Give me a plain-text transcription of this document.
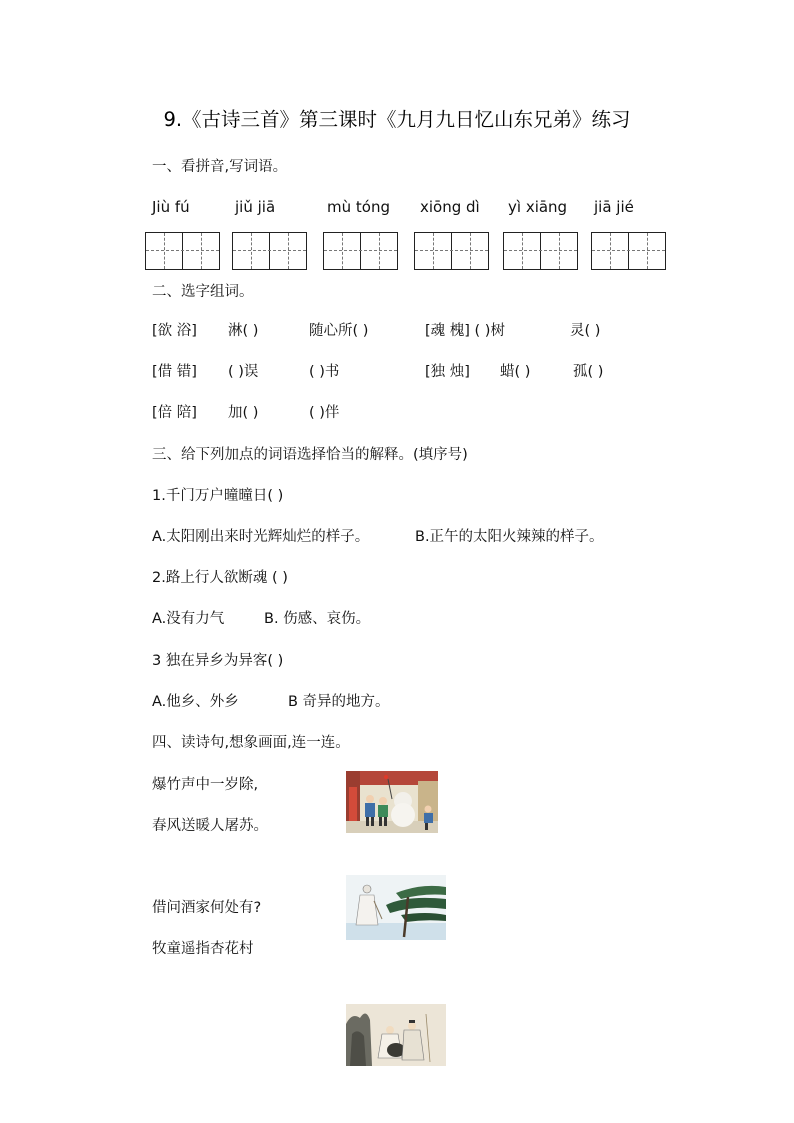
9.《古诗三首》第三课时《九月九日忆山东兄弟》练习
一、看拼音,写词语。
Jiù fú	jiǔ jiā	mù tóng xiōng dì yì xiāng jiā jié
二、选字组词。
[欲 浴] 淋( )	随心所( )	[魂 槐] ( )树	灵( )
[借 错] ( )误	( )书	[独 烛] 蜡( )	孤( )
[倍 陪] 加( )	( )伴
三、给下列加点的词语选择恰当的解释。(填序号)
1.千门万户曈曈日( )
A.太阳刚出来时光辉灿烂的样子。	B.正午的太阳火辣辣的样子。
2.路上行人欲断魂 ( )
A.没有力气	B. 伤感、哀伤。
3 独在异乡为异客( )
A.他乡、外乡	B 奇异的地方。
四、读诗句,想象画面,连一连。
爆竹声中一岁除,
春风送暖人屠苏。
借问酒家何处有?
牧童遥指杏花村
